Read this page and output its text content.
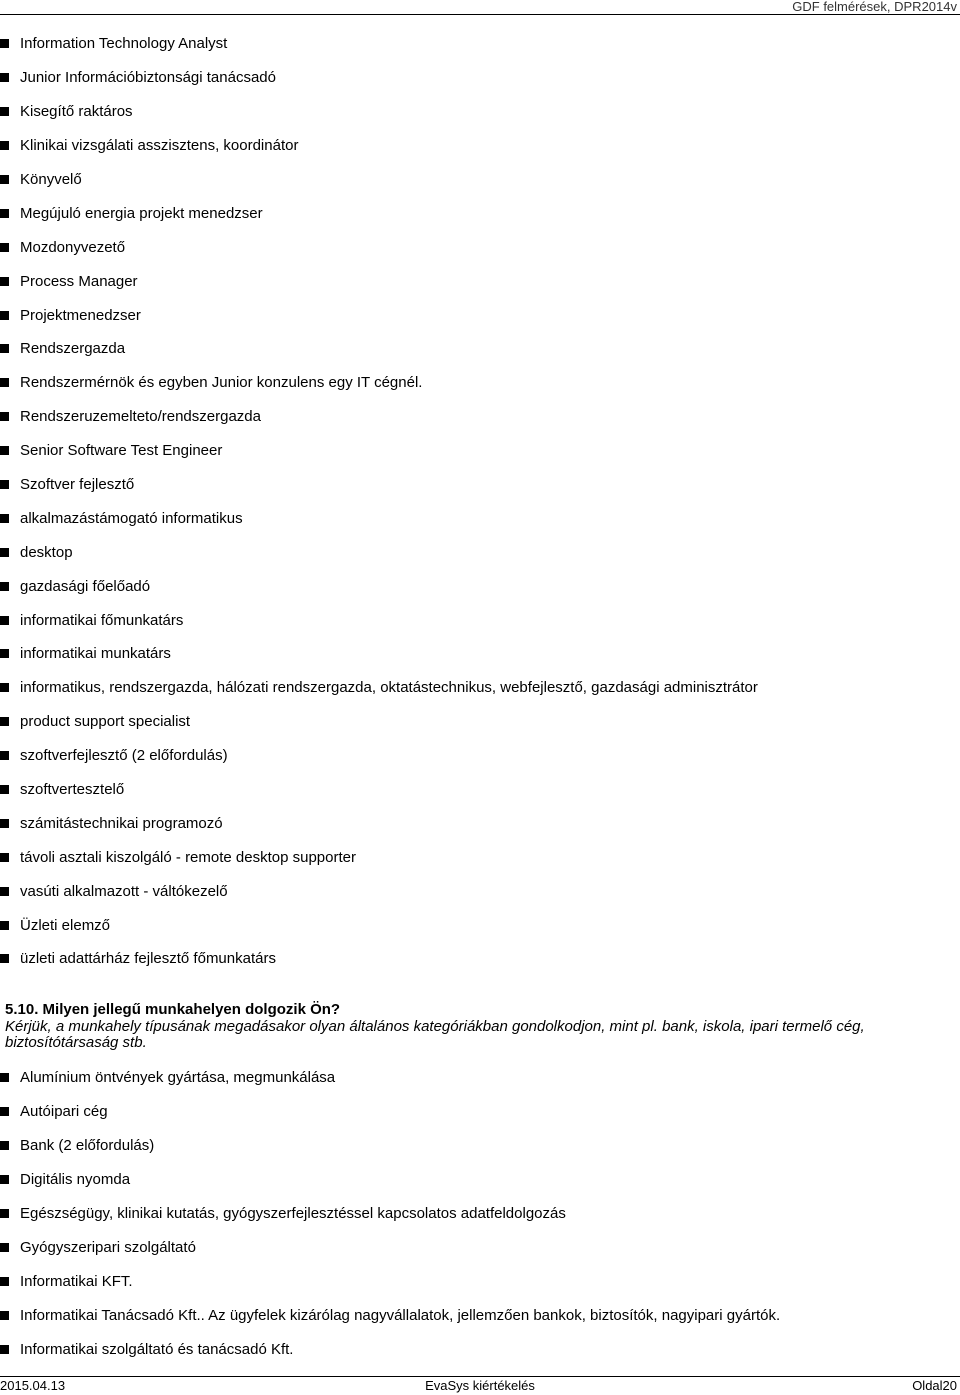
GDF felmérések, DPR2014v
Information Technology Analyst
Junior Információbiztonsági tanácsadó
Kisegítő raktáros
Klinikai vizsgálati asszisztens, koordinátor
Könyvelő
Megújuló energia projekt menedzser
Mozdonyvezető
Process Manager
Projektmenedzser
Rendszergazda
Rendszermérnök és egyben Junior konzulens egy IT cégnél.
Rendszeruzemelteto/rendszergazda
Senior Software Test Engineer
Szoftver fejlesztő
alkalmazástámogató informatikus
desktop
gazdasági főelőadó
informatikai főmunkatárs
informatikai munkatárs
informatikus, rendszergazda, hálózati rendszergazda, oktatástechnikus, webfejlesztő, gazdasági adminisztrátor
product support specialist
szoftverfejlesztő (2 előfordulás)
szoftvertesztelő
számitástechnikai programozó
távoli asztali kiszolgáló - remote desktop supporter
vasúti alkalmazott - váltókezelő
Üzleti elemző
üzleti adattárház fejlesztő főmunkatárs
5.10. Milyen jellegű munkahelyen dolgozik Ön?
Kérjük, a munkahely típusának megadásakor olyan általános kategóriákban gondolkodjon, mint pl. bank, iskola, ipari termelő cég, biztosítótársaság stb.
Alumínium öntvények gyártása, megmunkálása
Autóipari cég
Bank (2 előfordulás)
Digitális nyomda
Egészségügy, klinikai kutatás, gyógyszerfejlesztéssel kapcsolatos adatfeldolgozás
Gyógyszeripari szolgáltató
Informatikai KFT.
Informatikai Tanácsadó Kft.. Az ügyfelek kizárólag nagyvállalatok, jellemzően bankok, biztosítók, nagyipari gyártók.
Informatikai szolgáltató és tanácsadó Kft.
2015.04.13	EvaSys kiértékelés	Oldal20
